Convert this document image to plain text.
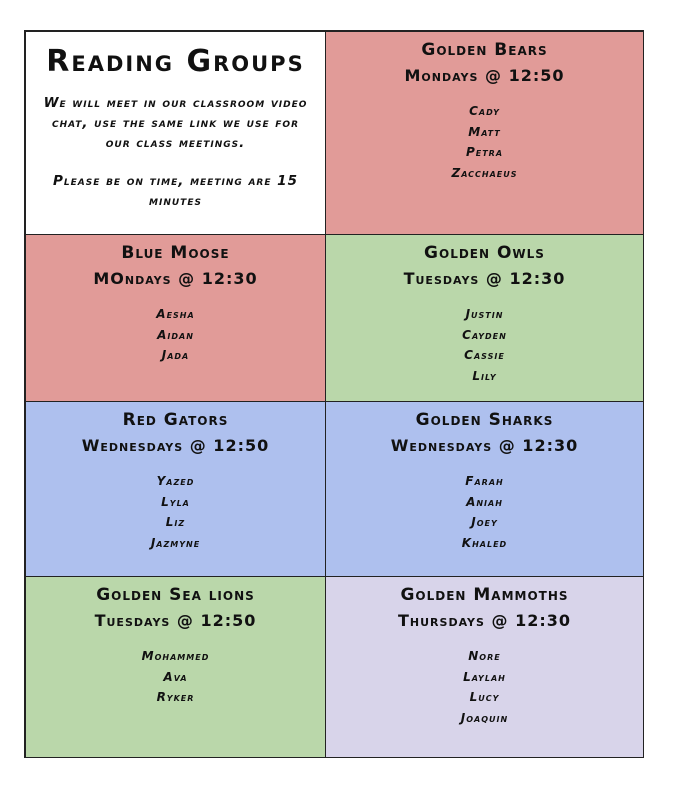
Reading Groups
We will meet in our classroom video chat, use the same link we use for our class meetings.
Please be on time, meeting are 15 minutes
Golden Bears
Mondays @ 12:50
Cady
Matt
Petra
Zacchaeus
Blue Moose
MOndays @ 12:30
Aesha
Aidan
Jada
Golden Owls
Tuesdays @ 12:30
Justin
Cayden
Cassie
Lily
Red Gators
Wednesdays @ 12:50
Yazed
Lyla
Liz
Jazmyne
Golden Sharks
Wednesdays @ 12:30
Farah
Aniah
Joey
Khaled
Golden Sea lions
Tuesdays @ 12:50
Mohammed
Ava
Ryker
Golden Mammoths
Thursdays @ 12:30
Nore
Laylah
Lucy
Joaquin
